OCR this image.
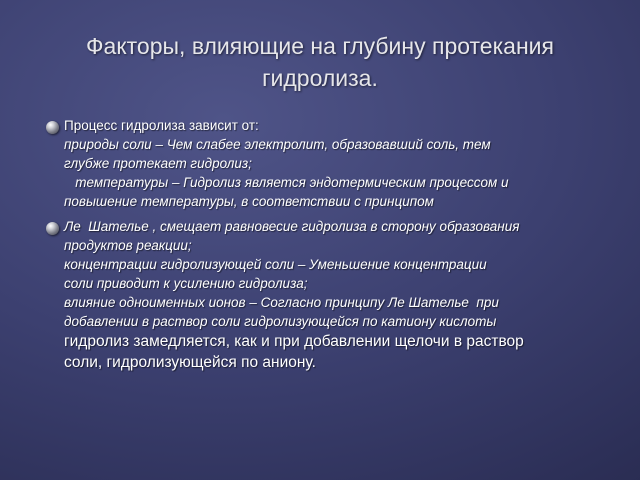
Факторы, влияющие на глубину протекания
гидролиза.
Процесс гидролиза зависит от:
природы соли – Чем слабее электролит, образовавший соль, тем
глубже протекает гидролиз;
температуры – Гидролиз является эндотермическим процессом и
повышение температуры, в соответствии с принципом
Ле  Шателье , смещает равновесие гидролиза в сторону образования
продуктов реакции;
концентрации гидролизующей соли – Уменьшение концентрации
соли приводит к усилению гидролиза;
влияние одноименных ионов – Согласно принципу Ле Шателье  при
добавлении в раствор соли гидролизующейся по катиону кислоты
гидролиз замедляется, как и при добавлении щелочи в раствор
соли, гидролизующейся по аниону.
